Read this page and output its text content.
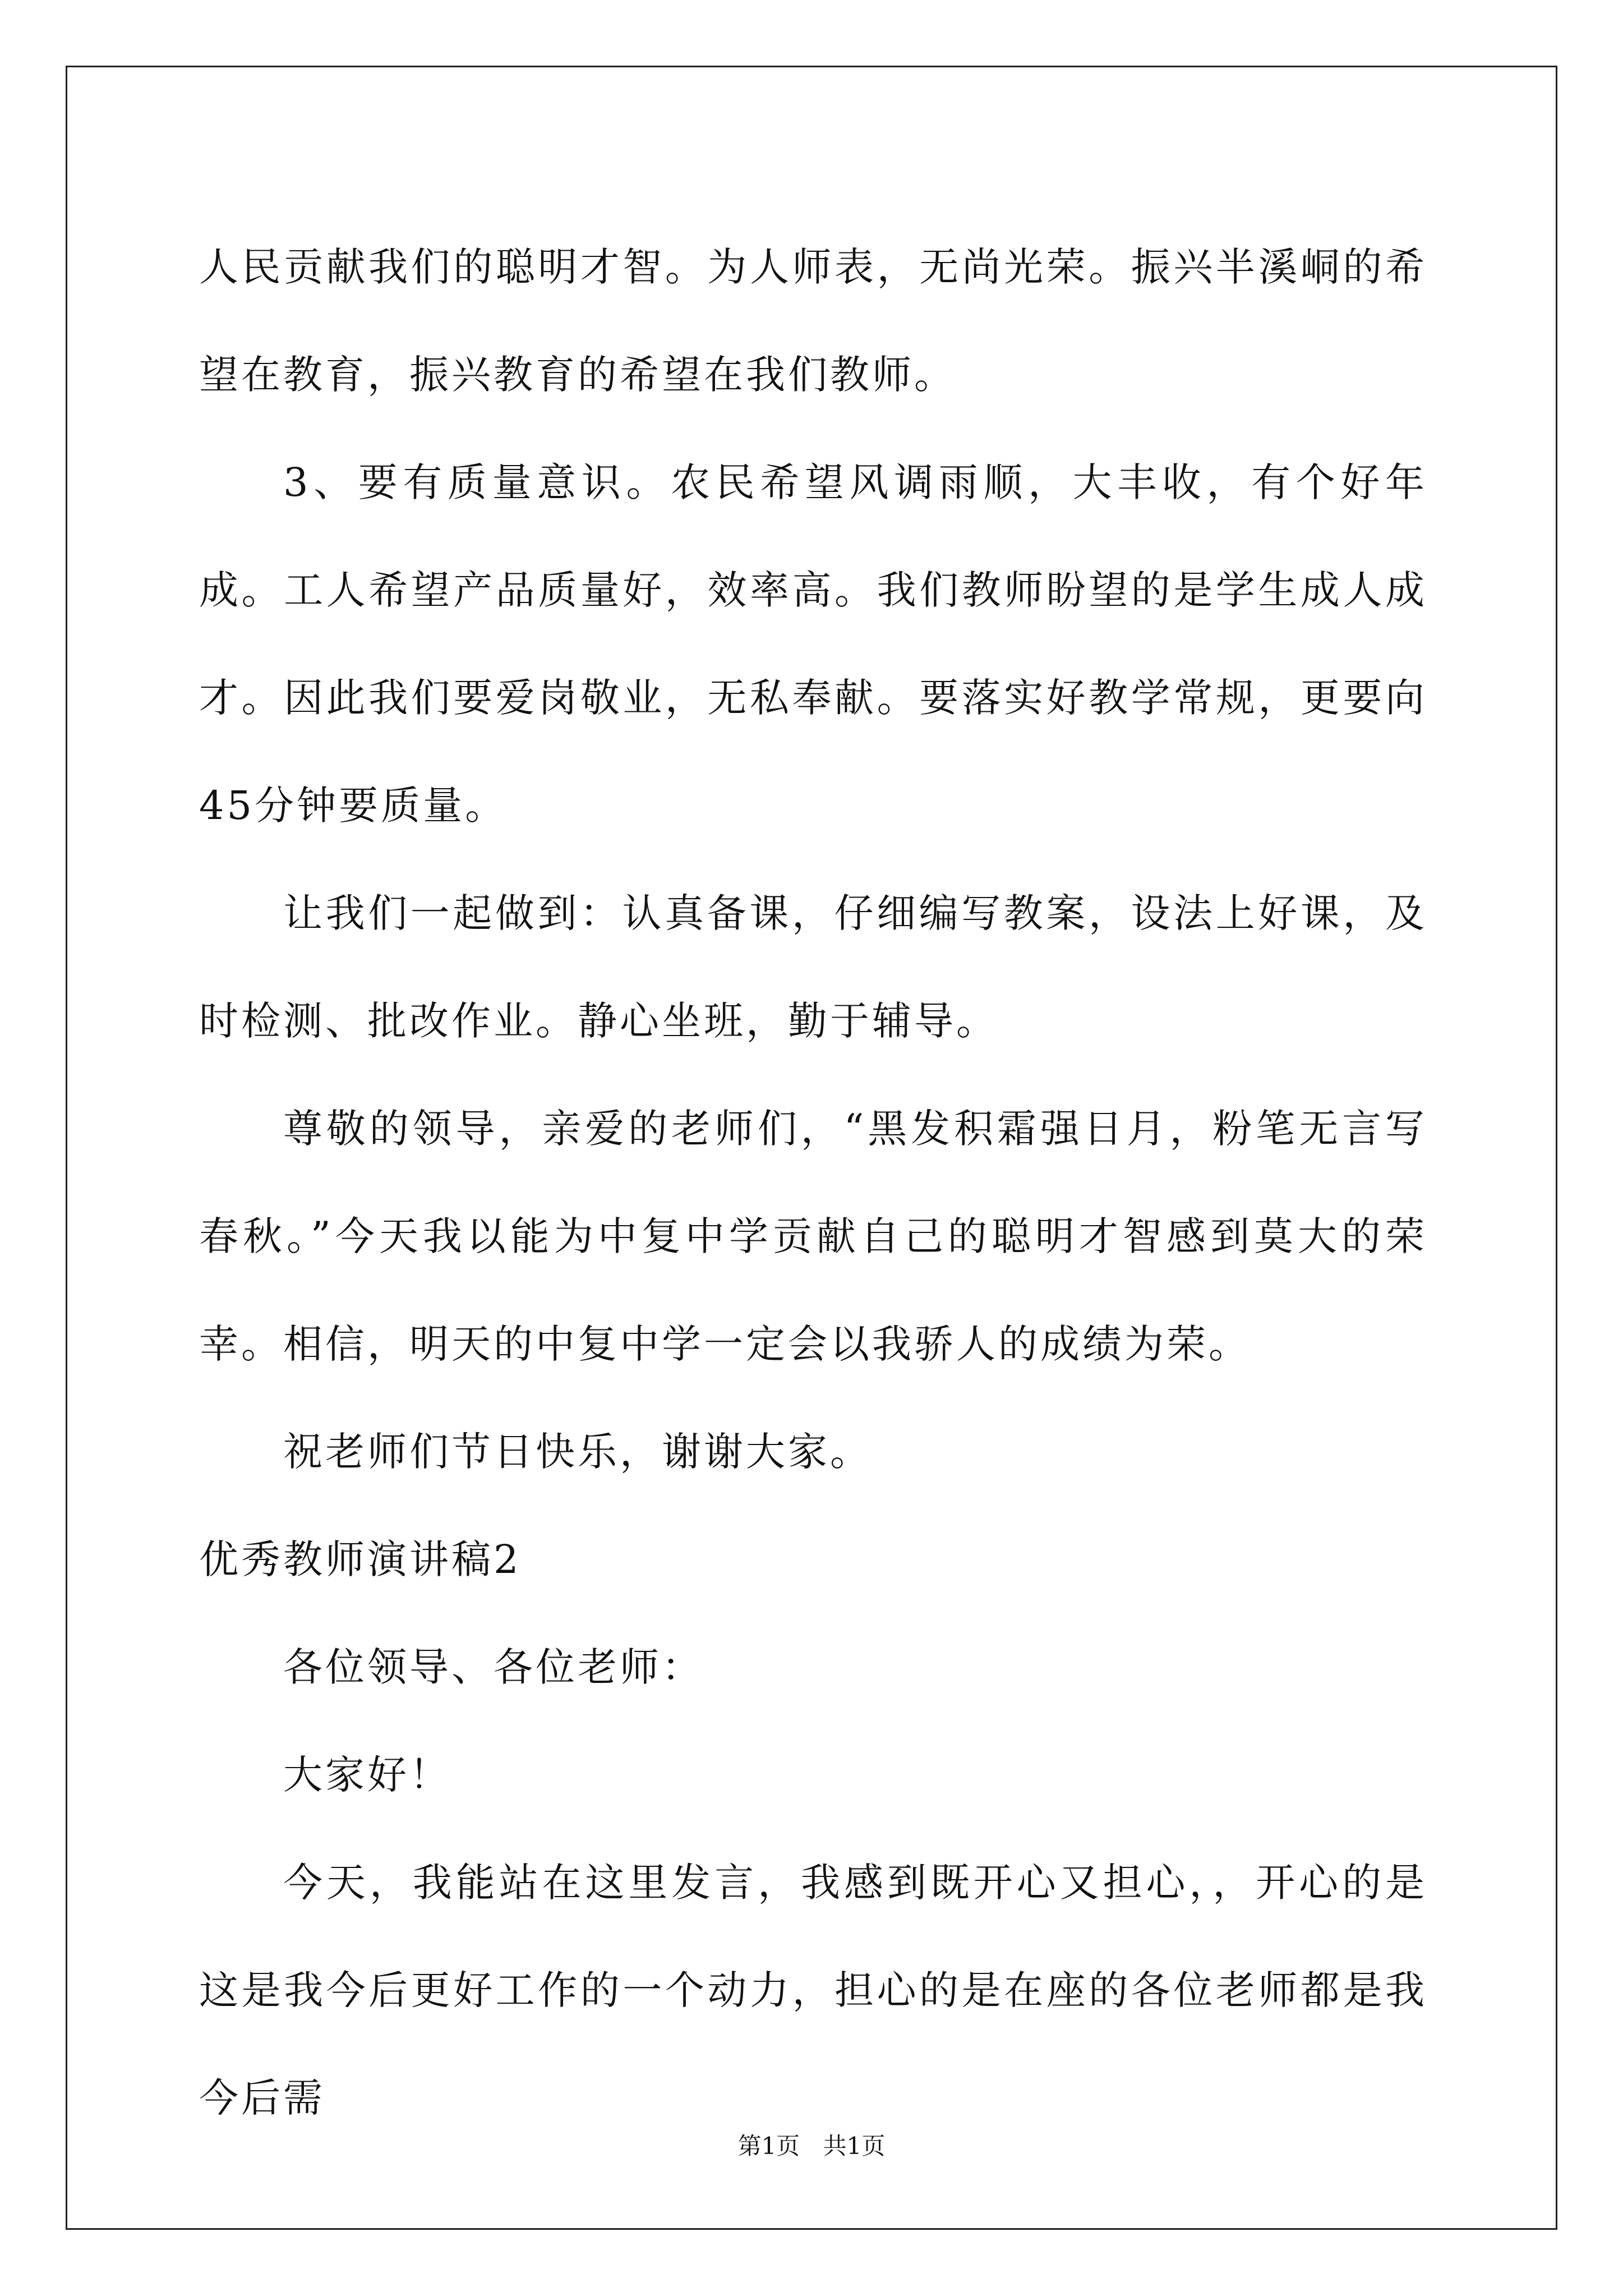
人民贡献我们的聪明才智。为人师表，无尚光荣。振兴半溪峒的希望在教育，振兴教育的希望在我们教师。

3、要有质量意识。农民希望风调雨顺，大丰收，有个好年成。工人希望产品质量好，效率高。我们教师盼望的是学生成人成才。因此我们要爱岗敬业，无私奉献。要落实好教学常规，更要向45分钟要质量。

让我们一起做到：认真备课，仔细编写教案，设法上好课，及时检测、批改作业。静心坐班，勤于辅导。

尊敬的领导，亲爱的老师们，“黑发积霜强日月，粉笔无言写春秋。”今天我以能为中复中学贡献自己的聪明才智感到莫大的荣幸。相信，明天的中复中学一定会以我骄人的成绩为荣。

祝老师们节日快乐，谢谢大家。

优秀教师演讲稿2

各位领导、各位老师：

大家好！

今天，我能站在这里发言，我感到既开心又担心，，开心的是这是我今后更好工作的一个动力，担心的是在座的各位老师都是我今后需

第1页 共1页
